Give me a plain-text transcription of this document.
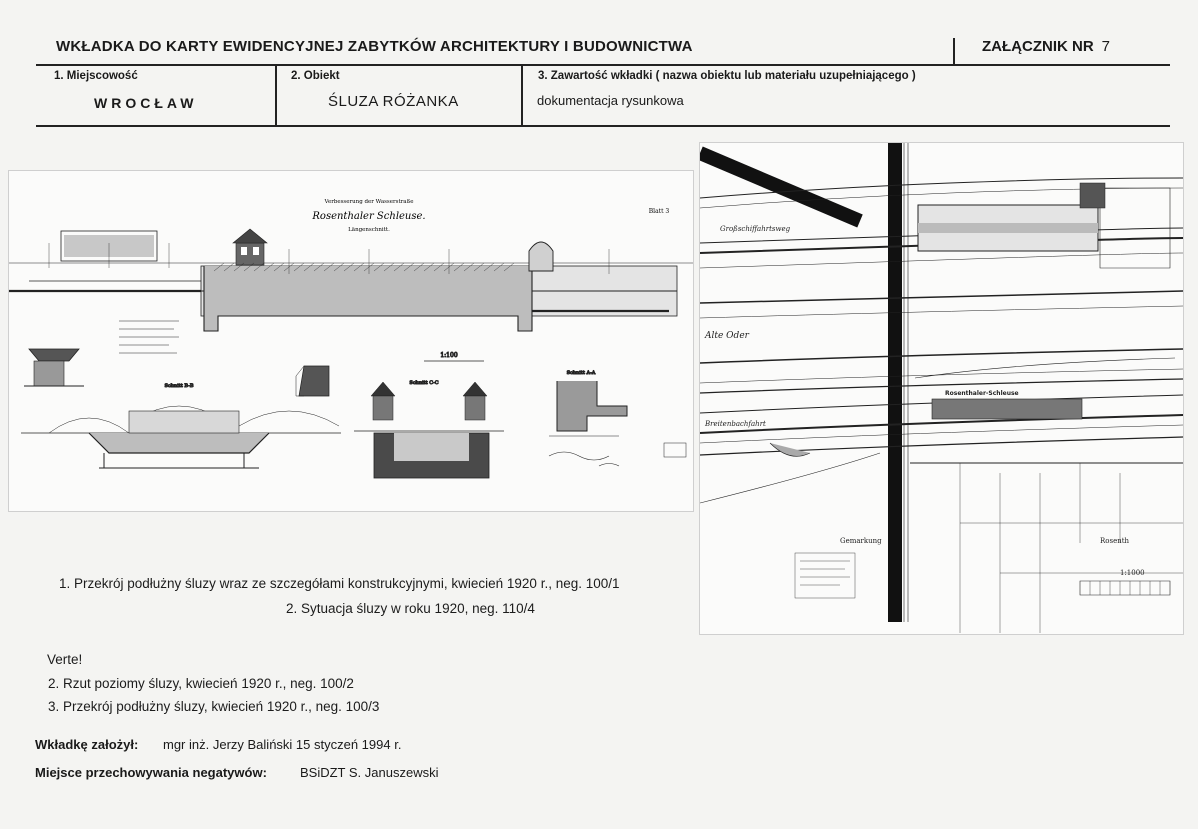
WKŁADKA DO KARTY EWIDENCYJNEJ ZABYTKÓW ARCHITEKTURY I BUDOWNICTWA	ZAŁĄCZNIK NR 7
1. Miejscowość
WROCŁAW
2. Obiekt
ŚLUZA RÓŻANKA
3. Zawartość wkładki ( nazwa obiektu lub materiału uzupełniającego )
dokumentacja rysunkowa
Verbesserung der Wasserstraße
Rosenthaler Schleuse.
Längenschnitt.
Blatt 3
1:100
Schnitt B-B	Schnitt C-C
Schnitt A-A
Großschiffahrtsweg
Alte Oder
Breitenbachfahrt
Rosenthaler-Schleuse
Gemarkung	Rosenth
1:1000
1. Przekrój podłużny śluzy wraz ze szczegółami konstrukcyjnymi, kwiecień 1920 r., neg. 100/1
2. Sytuacja śluzy w roku 1920, neg. 110/4
Verte!
2. Rzut poziomy śluzy, kwiecień 1920 r., neg. 100/2
3. Przekrój podłużny śluzy, kwiecień 1920 r., neg. 100/3
Wkładkę założył: mgr inż. Jerzy Baliński 15 styczeń 1994 r.
Miejsce przechowywania negatywów:	BSiDZT S. Januszewski
